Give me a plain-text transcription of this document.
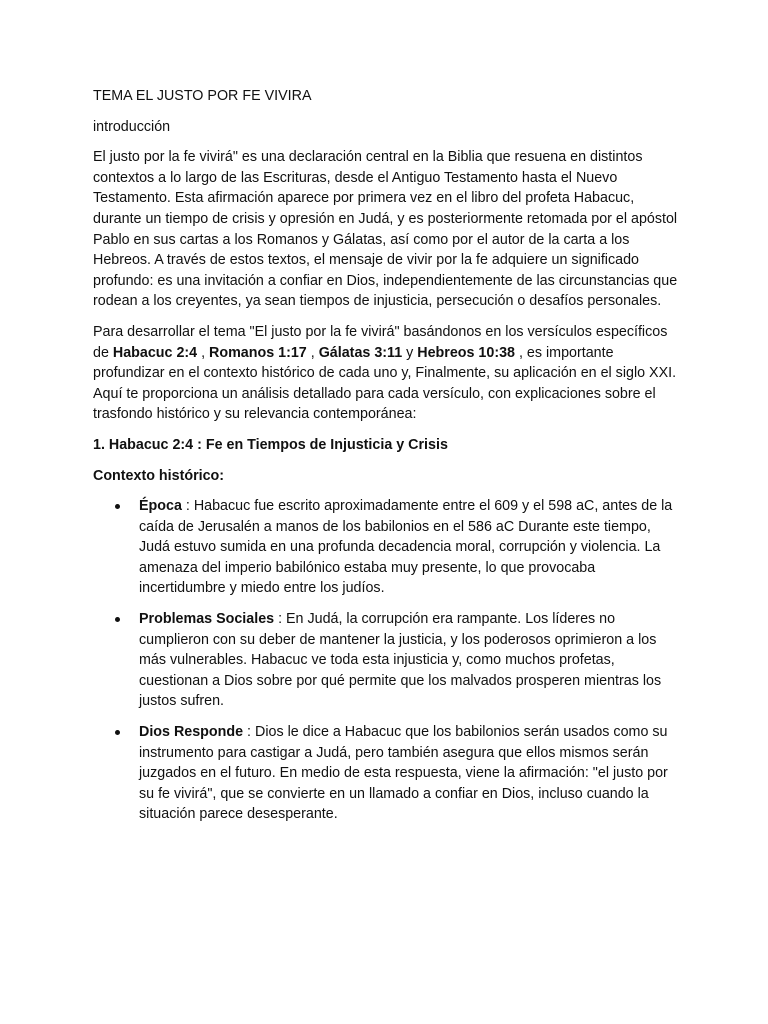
TEMA EL JUSTO POR FE VIVIRA

introducción

El justo por la fe vivirá" es una declaración central en la Biblia que resuena en distintos contextos a lo largo de las Escrituras, desde el Antiguo Testamento hasta el Nuevo Testamento. Esta afirmación aparece por primera vez en el libro del profeta Habacuc, durante un tiempo de crisis y opresión en Judá, y es posteriormente retomada por el apóstol Pablo en sus cartas a los Romanos y Gálatas, así como por el autor de la carta a los Hebreos. A través de estos textos, el mensaje de vivir por la fe adquiere un significado profundo: es una invitación a confiar en Dios, independientemente de las circunstancias que rodean a los creyentes, ya sean tiempos de injusticia, persecución o desafíos personales.

Para desarrollar el tema "El justo por la fe vivirá" basándonos en los versículos específicos de Habacuc 2:4 , Romanos 1:17 , Gálatas 3:11 y Hebreos 10:38 , es importante profundizar en el contexto histórico de cada uno y, Finalmente, su aplicación en el siglo XXI. Aquí te proporciona un análisis detallado para cada versículo, con explicaciones sobre el trasfondo histórico y su relevancia contemporánea:

1. Habacuc 2:4 : Fe en Tiempos de Injusticia y Crisis

Contexto histórico:

Época : Habacuc fue escrito aproximadamente entre el 609 y el 598 aC, antes de la caída de Jerusalén a manos de los babilonios en el 586 aC Durante este tiempo, Judá estuvo sumida en una profunda decadencia moral, corrupción y violencia. La amenaza del imperio babilónico estaba muy presente, lo que provocaba incertidumbre y miedo entre los judíos.
Problemas Sociales : En Judá, la corrupción era rampante. Los líderes no cumplieron con su deber de mantener la justicia, y los poderosos oprimieron a los más vulnerables. Habacuc ve toda esta injusticia y, como muchos profetas, cuestionan a Dios sobre por qué permite que los malvados prosperen mientras los justos sufren.
Dios Responde : Dios le dice a Habacuc que los babilonios serán usados como su instrumento para castigar a Judá, pero también asegura que ellos mismos serán juzgados en el futuro. En medio de esta respuesta, viene la afirmación: "el justo por su fe vivirá", que se convierte en un llamado a confiar en Dios, incluso cuando la situación parece desesperante.
